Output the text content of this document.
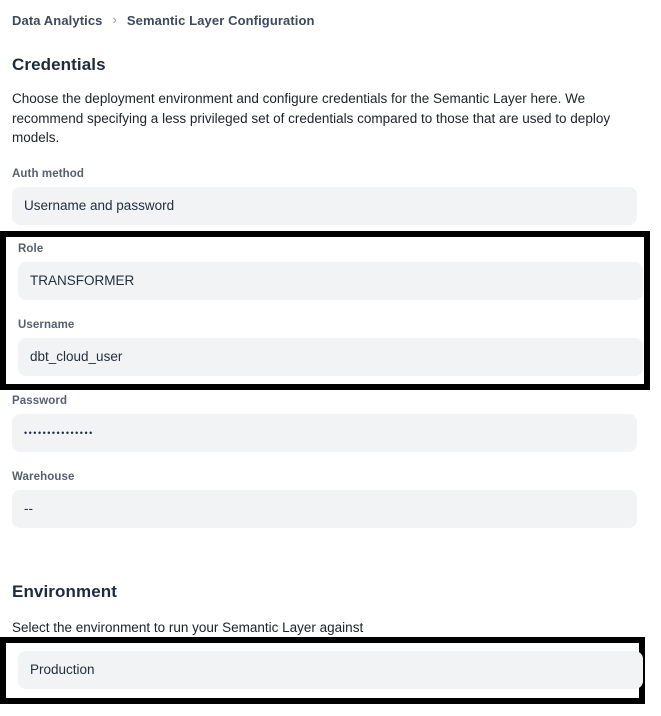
Data Analytics › Semantic Layer Configuration
Credentials

Choose the deployment environment and configure credentials for the Semantic Layer here. We recommend specifying a less privileged set of credentials compared to those that are used to deploy models.

Auth method
Username and password
Role
TRANSFORMER
Username
dbt_cloud_user
Password
•••••••••••••••
Warehouse
--
Environment

Select the environment to run your Semantic Layer against

Production
